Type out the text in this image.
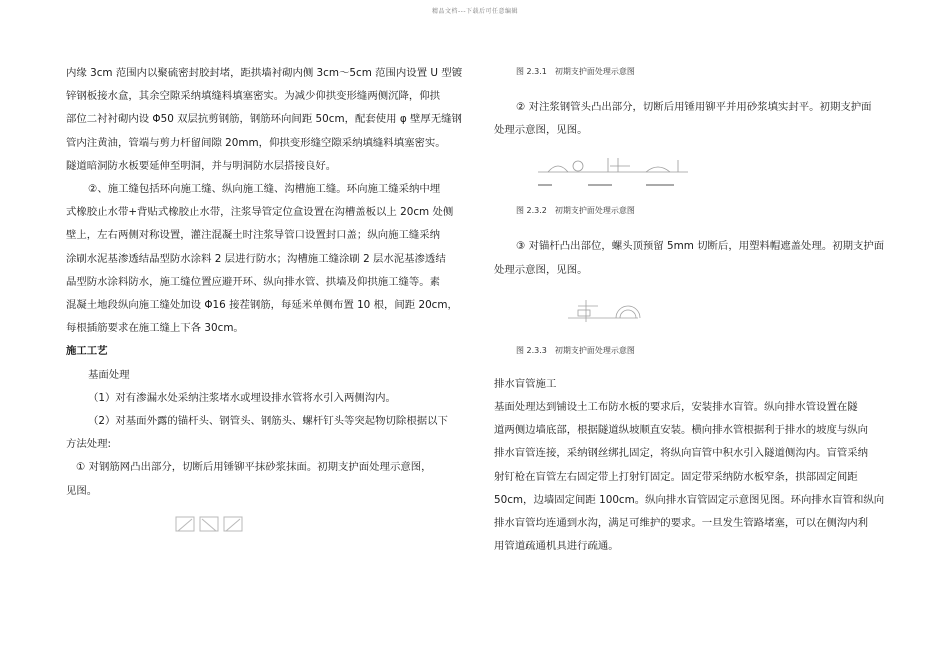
精品文档---下载后可任意编辑

内缘 3cm 范围内以聚硫密封胶封堵，距拱墙衬砌内侧 3cm～5cm 范围内设置 U 型镀

锌钢板接水盒，其余空隙采纳填缝料填塞密实。为减少仰拱变形缝两侧沉降，仰拱

部位二衬衬砌内设 Φ50 双层抗剪钢筋，钢筋环向间距 50cm，配套使用 φ 壁厚无缝钢

管内注黄油，管端与剪力杆留间隙 20mm，仰拱变形缝空隙采纳填缝料填塞密实。

隧道暗洞防水板要延伸至明洞，并与明洞防水层搭接良好。

②、施工缝包括环向施工缝、纵向施工缝、沟槽施工缝。环向施工缝采纳中埋

式橡胶止水带+背贴式橡胶止水带，注浆导管定位盒设置在沟槽盖板以上 20cm 处侧

壁上，左右两侧对称设置，灌注混凝土时注浆导管口设置封口盖；纵向施工缝采纳

涂刷水泥基渗透结晶型防水涂料 2 层进行防水；沟槽施工缝涂刷 2 层水泥基渗透结

晶型防水涂料防水，施工缝位置应避开环、纵向排水管、拱墙及仰拱施工缝等。素

混凝土地段纵向施工缝处加设 Φ16 接茬钢筋，每延米单侧布置 10 根，间距 20cm，

每根插筋要求在施工缝上下各 30cm。

施工工艺

基面处理

（1）对有渗漏水处采纳注浆堵水或埋设排水管将水引入两侧沟内。

（2）对基面外露的锚杆头、钢管头、钢筋头、螺杆钉头等突起物切除根据以下

方法处理:

① 对钢筋网凸出部分，切断后用锤铆平抹砂浆抹面。初期支护面处理示意图，

见图。

图 2.3.1　初期支护面处理示意图

② 对注浆钢管头凸出部分，切断后用锤用铆平并用砂浆填实封平。初期支护面

处理示意图，见图。

图 2.3.2　初期支护面处理示意图

③ 对锚杆凸出部位，螺头顶预留 5mm 切断后，用塑料帽遮盖处理。初期支护面

处理示意图，见图。

图 2.3.3　初期支护面处理示意图

排水盲管施工

基面处理达到铺设土工布防水板的要求后，安装排水盲管。纵向排水管设置在隧

道两侧边墙底部，根据隧道纵坡顺直安装。横向排水管根据利于排水的坡度与纵向

排水盲管连接，采纳钢丝绑扎固定，将纵向盲管中积水引入隧道侧沟内。盲管采纳

射钉枪在盲管左右固定带上打射钉固定。固定带采纳防水板窄条，拱部固定间距

50cm，边墙固定间距 100cm。纵向排水盲管固定示意图见图。环向排水盲管和纵向

排水盲管均连通到水沟，满足可维护的要求。一旦发生管路堵塞，可以在侧沟内利

用管道疏通机具进行疏通。
